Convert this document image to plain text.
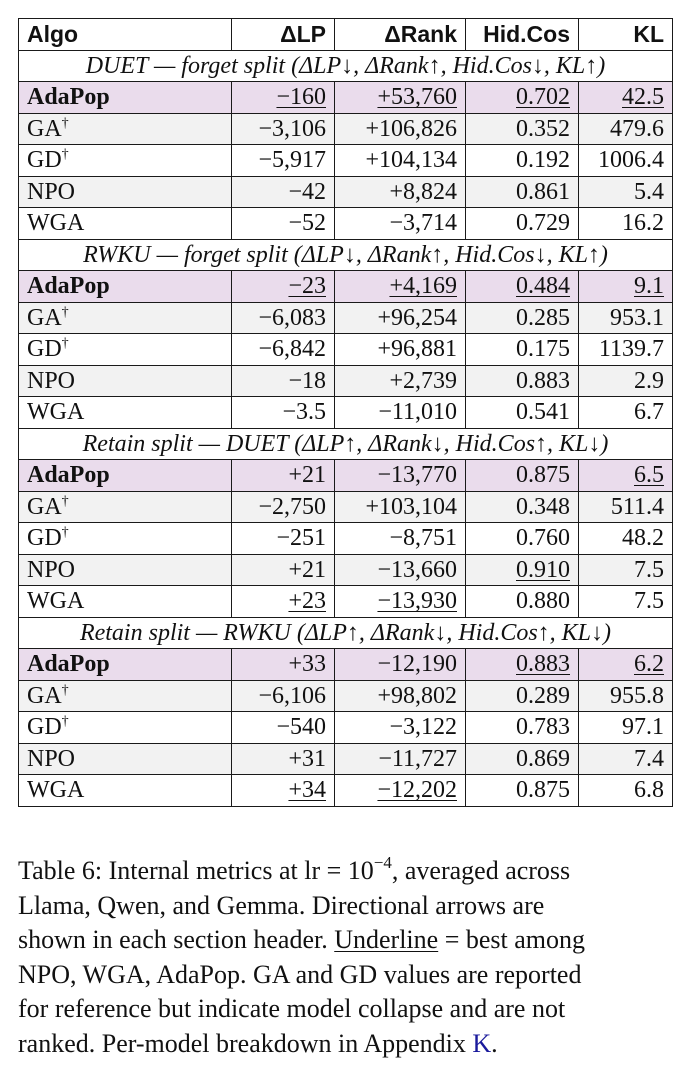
Algo	ΔLP	ΔRank	Hid.Cos	KL
DUET — forget split (ΔLP↓, ΔRank↑, Hid.Cos↓, KL↑)				
AdaPop	−160	+53,760	0.702	42.5
GA†	−3,106	+106,826	0.352	479.6
GD†	−5,917	+104,134	0.192	1006.4
NPO	−42	+8,824	0.861	5.4
WGA	−52	−3,714	0.729	16.2
RWKU — forget split (ΔLP↓, ΔRank↑, Hid.Cos↓, KL↑)				
AdaPop	−23	+4,169	0.484	9.1
GA†	−6,083	+96,254	0.285	953.1
GD†	−6,842	+96,881	0.175	1139.7
NPO	−18	+2,739	0.883	2.9
WGA	−3.5	−11,010	0.541	6.7
Retain split — DUET (ΔLP↑, ΔRank↓, Hid.Cos↑, KL↓)				
AdaPop	+21	−13,770	0.875	6.5
GA†	−2,750	+103,104	0.348	511.4
GD†	−251	−8,751	0.760	48.2
NPO	+21	−13,660	0.910	7.5
WGA	+23	−13,930	0.880	7.5
Retain split — RWKU (ΔLP↑, ΔRank↓, Hid.Cos↑, KL↓)				
AdaPop	+33	−12,190	0.883	6.2
GA†	−6,106	+98,802	0.289	955.8
GD†	−540	−3,122	0.783	97.1
NPO	+31	−11,727	0.869	7.4
WGA	+34	−12,202	0.875	6.8
Table 6: Internal metrics at lr = $10^{-4}$, averaged across
Llama, Qwen, and Gemma. Directional arrows are
shown in each section header. Underline = best among
NPO, WGA, AdaPop. GA and GD values are reported
for reference but indicate model collapse and are not
ranked. Per-model breakdown in Appendix K.
